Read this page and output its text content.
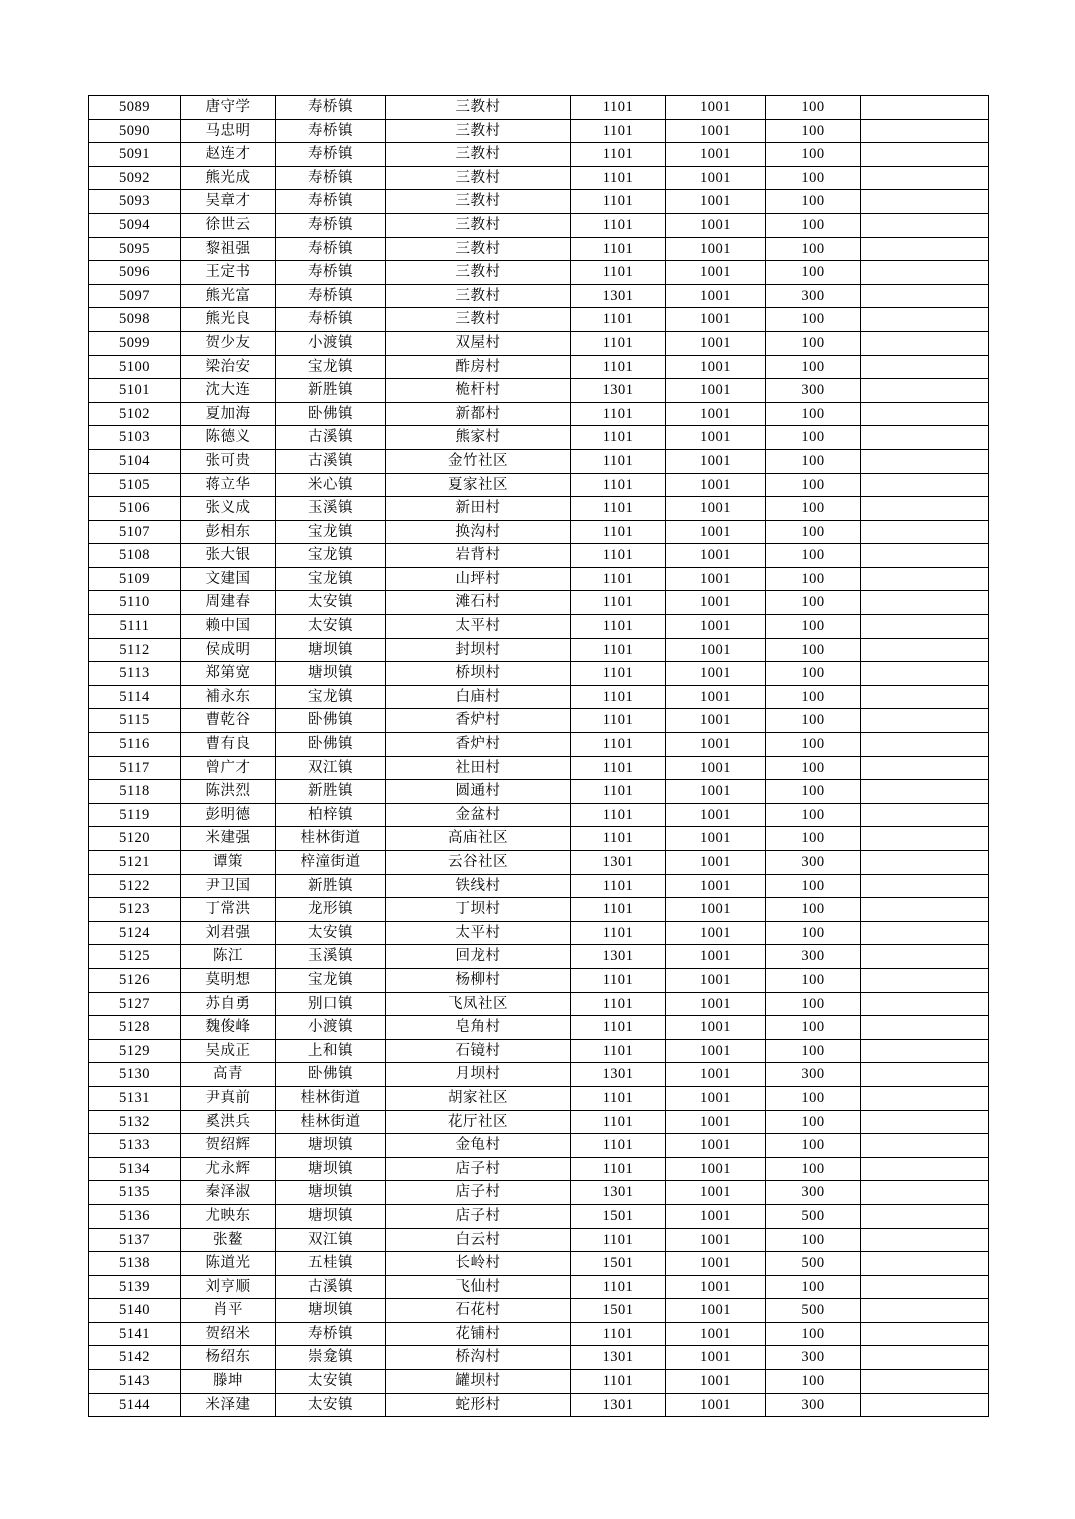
5089	唐守学	寿桥镇	三教村	1101	1001	100	
5090	马忠明	寿桥镇	三教村	1101	1001	100	
5091	赵连才	寿桥镇	三教村	1101	1001	100	
5092	熊光成	寿桥镇	三教村	1101	1001	100	
5093	吴章才	寿桥镇	三教村	1101	1001	100	
5094	徐世云	寿桥镇	三教村	1101	1001	100	
5095	黎祖强	寿桥镇	三教村	1101	1001	100	
5096	王定书	寿桥镇	三教村	1101	1001	100	
5097	熊光富	寿桥镇	三教村	1301	1001	300	
5098	熊光良	寿桥镇	三教村	1101	1001	100	
5099	贺少友	小渡镇	双屋村	1101	1001	100	
5100	梁治安	宝龙镇	酢房村	1101	1001	100	
5101	沈大连	新胜镇	桅杆村	1301	1001	300	
5102	夏加海	卧佛镇	新都村	1101	1001	100	
5103	陈德义	古溪镇	熊家村	1101	1001	100	
5104	张可贵	古溪镇	金竹社区	1101	1001	100	
5105	蒋立华	米心镇	夏家社区	1101	1001	100	
5106	张义成	玉溪镇	新田村	1101	1001	100	
5107	彭相东	宝龙镇	换沟村	1101	1001	100	
5108	张大银	宝龙镇	岩背村	1101	1001	100	
5109	文建国	宝龙镇	山坪村	1101	1001	100	
5110	周建春	太安镇	滩石村	1101	1001	100	
5111	赖中国	太安镇	太平村	1101	1001	100	
5112	侯成明	塘坝镇	封坝村	1101	1001	100	
5113	郑第宽	塘坝镇	桥坝村	1101	1001	100	
5114	補永东	宝龙镇	白庙村	1101	1001	100	
5115	曹乾谷	卧佛镇	香炉村	1101	1001	100	
5116	曹有良	卧佛镇	香炉村	1101	1001	100	
5117	曾广才	双江镇	社田村	1101	1001	100	
5118	陈洪烈	新胜镇	圆通村	1101	1001	100	
5119	彭明德	柏梓镇	金盆村	1101	1001	100	
5120	米建强	桂林街道	高庙社区	1101	1001	100	
5121	谭策	梓潼街道	云谷社区	1301	1001	300	
5122	尹卫国	新胜镇	铁线村	1101	1001	100	
5123	丁常洪	龙形镇	丁坝村	1101	1001	100	
5124	刘君强	太安镇	太平村	1101	1001	100	
5125	陈江	玉溪镇	回龙村	1301	1001	300	
5126	莫明想	宝龙镇	杨柳村	1101	1001	100	
5127	苏自勇	别口镇	飞凤社区	1101	1001	100	
5128	魏俊峰	小渡镇	皂角村	1101	1001	100	
5129	吴成正	上和镇	石镜村	1101	1001	100	
5130	高青	卧佛镇	月坝村	1301	1001	300	
5131	尹真前	桂林街道	胡家社区	1101	1001	100	
5132	奚洪兵	桂林街道	花厅社区	1101	1001	100	
5133	贺绍辉	塘坝镇	金龟村	1101	1001	100	
5134	尤永辉	塘坝镇	店子村	1101	1001	100	
5135	秦泽淑	塘坝镇	店子村	1301	1001	300	
5136	尤映东	塘坝镇	店子村	1501	1001	500	
5137	张鳌	双江镇	白云村	1101	1001	100	
5138	陈道光	五桂镇	长岭村	1501	1001	500	
5139	刘亨顺	古溪镇	飞仙村	1101	1001	100	
5140	肖平	塘坝镇	石花村	1501	1001	500	
5141	贺绍米	寿桥镇	花铺村	1101	1001	100	
5142	杨绍东	崇龛镇	桥沟村	1301	1001	300	
5143	滕坤	太安镇	罐坝村	1101	1001	100	
5144	米泽建	太安镇	蛇形村	1301	1001	300	
